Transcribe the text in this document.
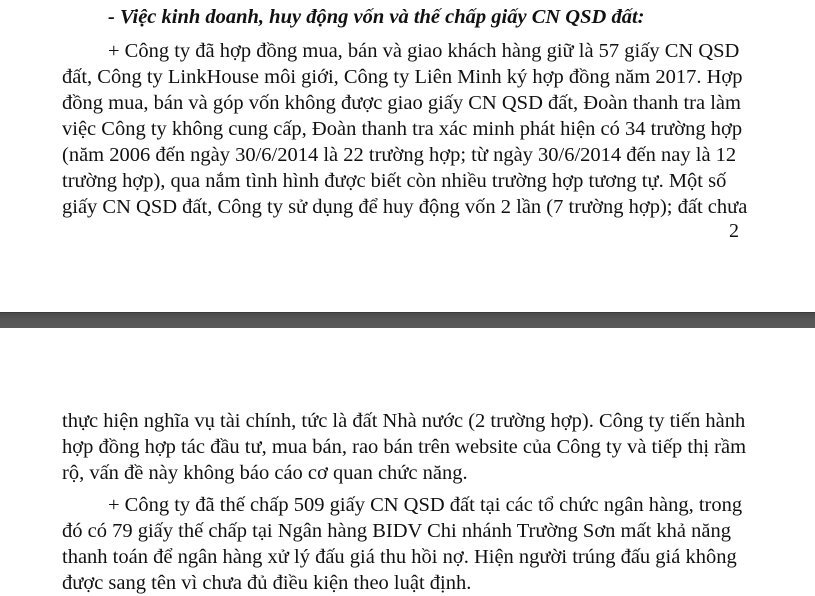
- Việc kinh doanh, huy động vốn và thế chấp giấy CN QSD đất:
+ Công ty đã hợp đồng mua, bán và giao khách hàng giữ là 57 giấy CN QSD
đất, Công ty LinkHouse môi giới, Công ty Liên Minh ký hợp đồng năm 2017. Hợp
đồng mua, bán và góp vốn không được giao giấy CN QSD đất, Đoàn thanh tra làm
việc Công ty không cung cấp, Đoàn thanh tra xác minh phát hiện có 34 trường hợp
(năm 2006 đến ngày 30/6/2014 là 22 trường hợp; từ ngày 30/6/2014 đến nay là 12
trường hợp), qua nắm tình hình được biết còn nhiều trường hợp tương tự. Một số
giấy CN QSD đất, Công ty sử dụng để huy động vốn 2 lần (7 trường hợp); đất chưa
2
thực hiện nghĩa vụ tài chính, tức là đất Nhà nước (2 trường hợp). Công ty tiến hành
hợp đồng hợp tác đầu tư, mua bán, rao bán trên website của Công ty và tiếp thị rầm
rộ, vấn đề này không báo cáo cơ quan chức năng.
+ Công ty đã thế chấp 509 giấy CN QSD đất tại các tổ chức ngân hàng, trong
đó có 79 giấy thế chấp tại Ngân hàng BIDV Chi nhánh Trường Sơn mất khả năng
thanh toán để ngân hàng xử lý đấu giá thu hồi nợ. Hiện người trúng đấu giá không
được sang tên vì chưa đủ điều kiện theo luật định.
